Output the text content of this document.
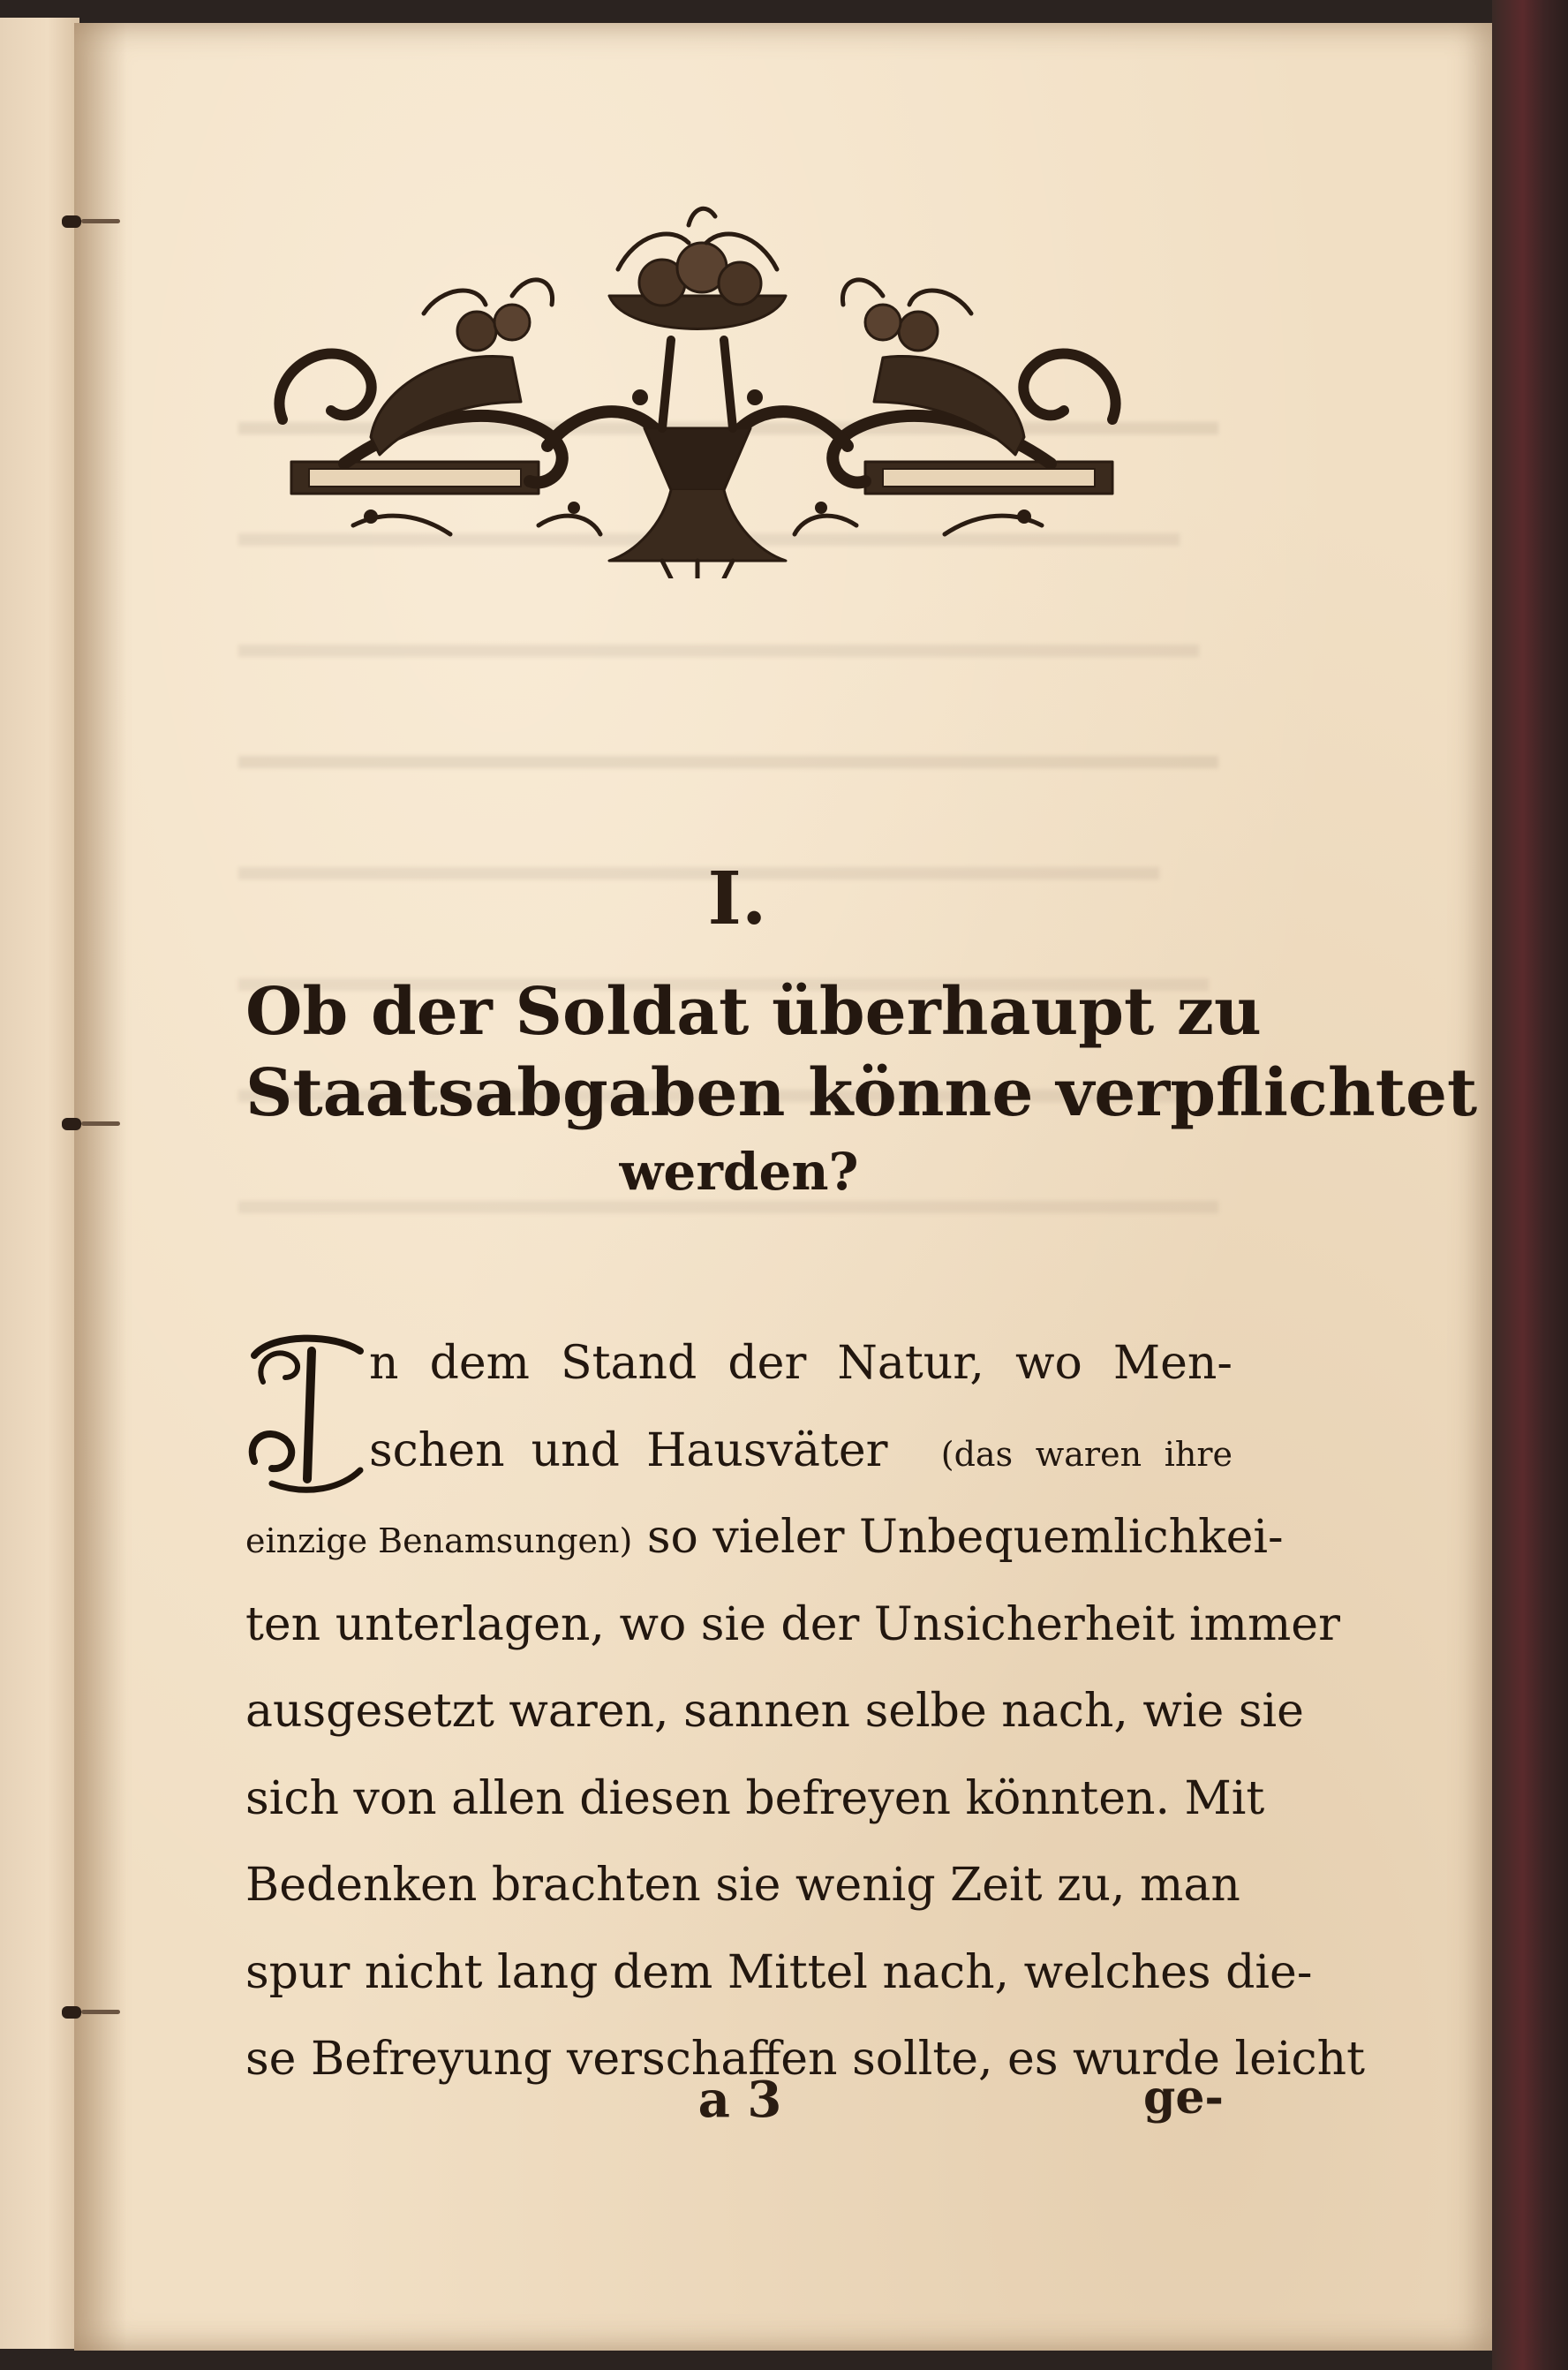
I.
Ob der Soldat überhaupt zu
Staatsabgaben könne verpflichtet
werden?
n dem Stand der Natur, wo Men-
schen und Hausväter (das waren ihre
einzige Benamsungen) so vieler Unbequemlichkei-
ten unterlagen, wo sie der Unsicherheit immer
ausgesetzt waren, sannen selbe nach, wie sie
sich von allen diesen befreyen könnten. Mit
Bedenken brachten sie wenig Zeit zu, man
spur nicht lang dem Mittel nach, welches die-
se Befreyung verschaffen sollte, es wurde leicht
a 3	ge-
